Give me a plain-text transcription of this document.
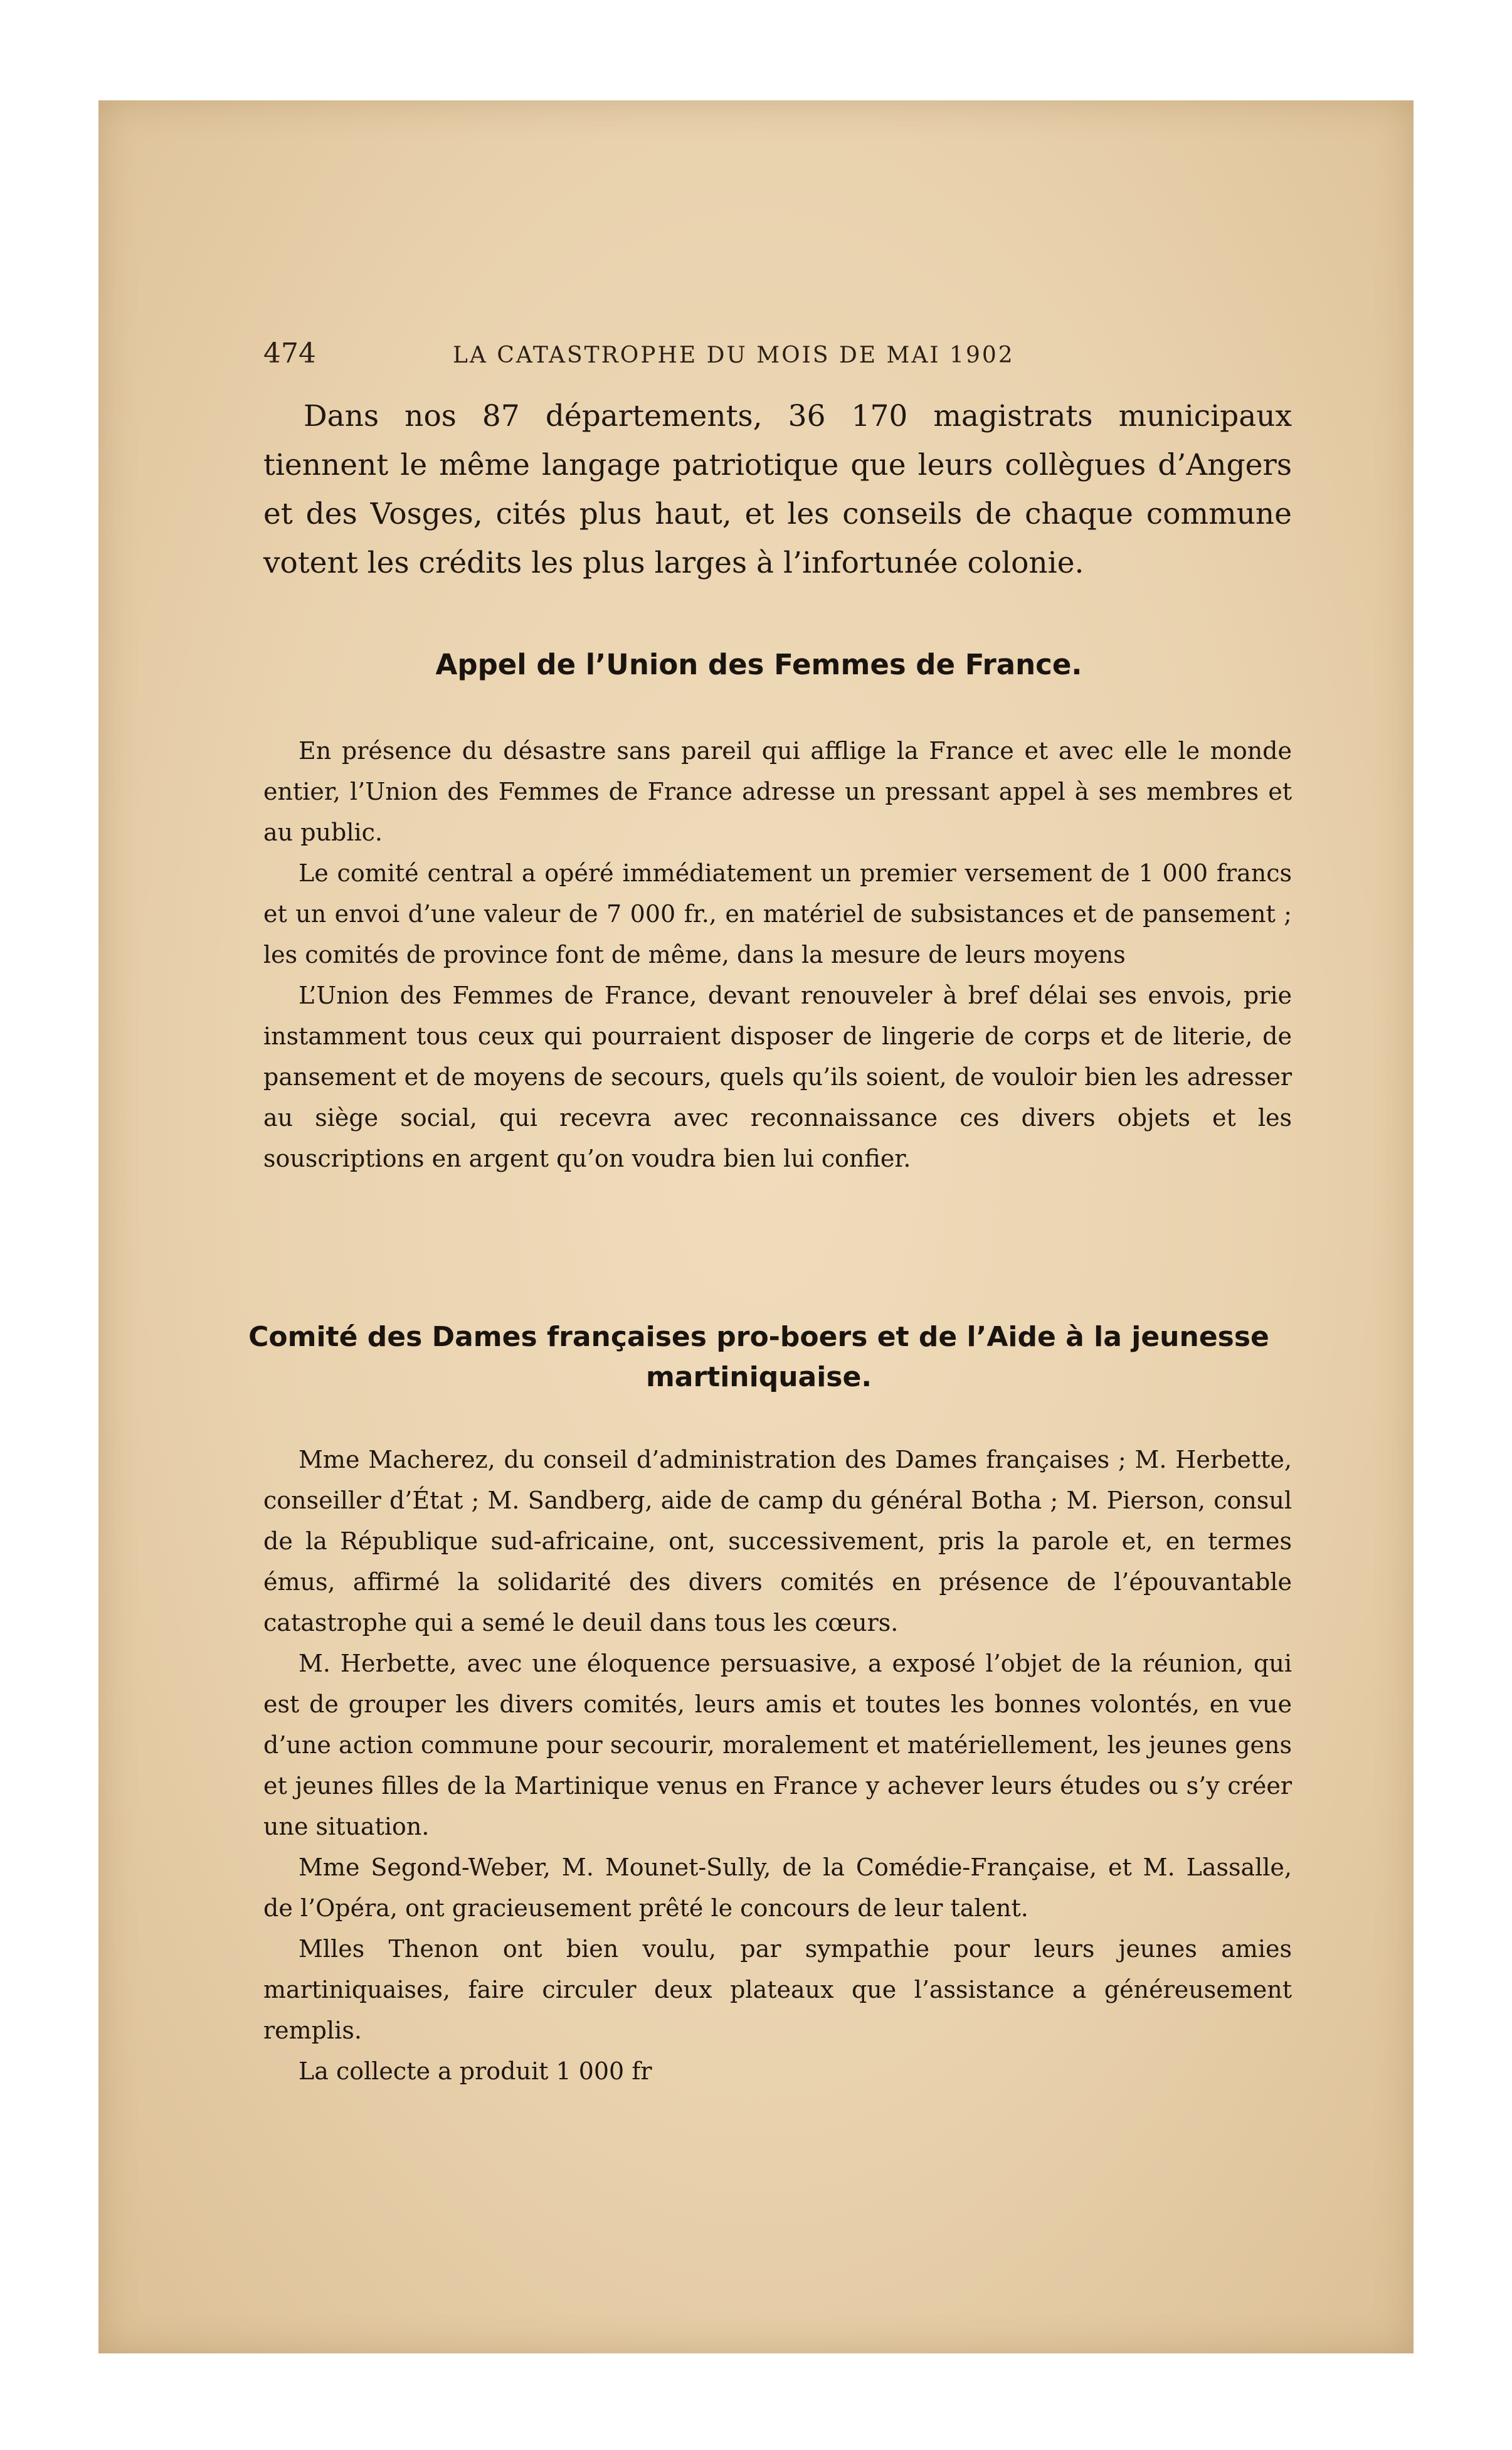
474	LA CATASTROPHE DU MOIS DE MAI 1902

Dans nos 87 départements, 36 170 magistrats municipaux tiennent le même langage patriotique que leurs collègues d’Angers et des Vosges, cités plus haut, et les conseils de chaque commune votent les crédits les plus larges à l’infortunée colonie.

Appel de l’Union des Femmes de France.

En présence du désastre sans pareil qui afflige la France et avec elle le monde entier, l’Union des Femmes de France adresse un pressant appel à ses membres et au public.

Le comité central a opéré immédiatement un premier versement de 1 000 francs et un envoi d’une valeur de 7 000 fr., en matériel de subsistances et de pansement ; les comités de province font de même, dans la mesure de leurs moyens

L’Union des Femmes de France, devant renouveler à bref délai ses envois, prie instamment tous ceux qui pourraient disposer de lingerie de corps et de literie, de pansement et de moyens de secours, quels qu’ils soient, de vouloir bien les adresser au siège social, qui recevra avec reconnaissance ces divers objets et les souscriptions en argent qu’on voudra bien lui confier.

Comité des Dames françaises pro-boers et de l’Aide à la jeunesse
martiniquaise.

Mme Macherez, du conseil d’administration des Dames françaises ; M. Herbette, conseiller d’État ; M. Sandberg, aide de camp du général Botha ; M. Pierson, consul de la République sud-africaine, ont, successivement, pris la parole et, en termes émus, affirmé la solidarité des divers comités en présence de l’épouvantable catastrophe qui a semé le deuil dans tous les cœurs.

M. Herbette, avec une éloquence persuasive, a exposé l’objet de la réunion, qui est de grouper les divers comités, leurs amis et toutes les bonnes volontés, en vue d’une action commune pour secourir, moralement et matériellement, les jeunes gens et jeunes filles de la Martinique venus en France y achever leurs études ou s’y créer une situation.

Mme Segond-Weber, M. Mounet-Sully, de la Comédie-Française, et M. Lassalle, de l’Opéra, ont gracieusement prêté le concours de leur talent.

Mlles Thenon ont bien voulu, par sympathie pour leurs jeunes amies martiniquaises, faire circuler deux plateaux que l’assistance a généreusement remplis.

La collecte a produit 1 000 fr
